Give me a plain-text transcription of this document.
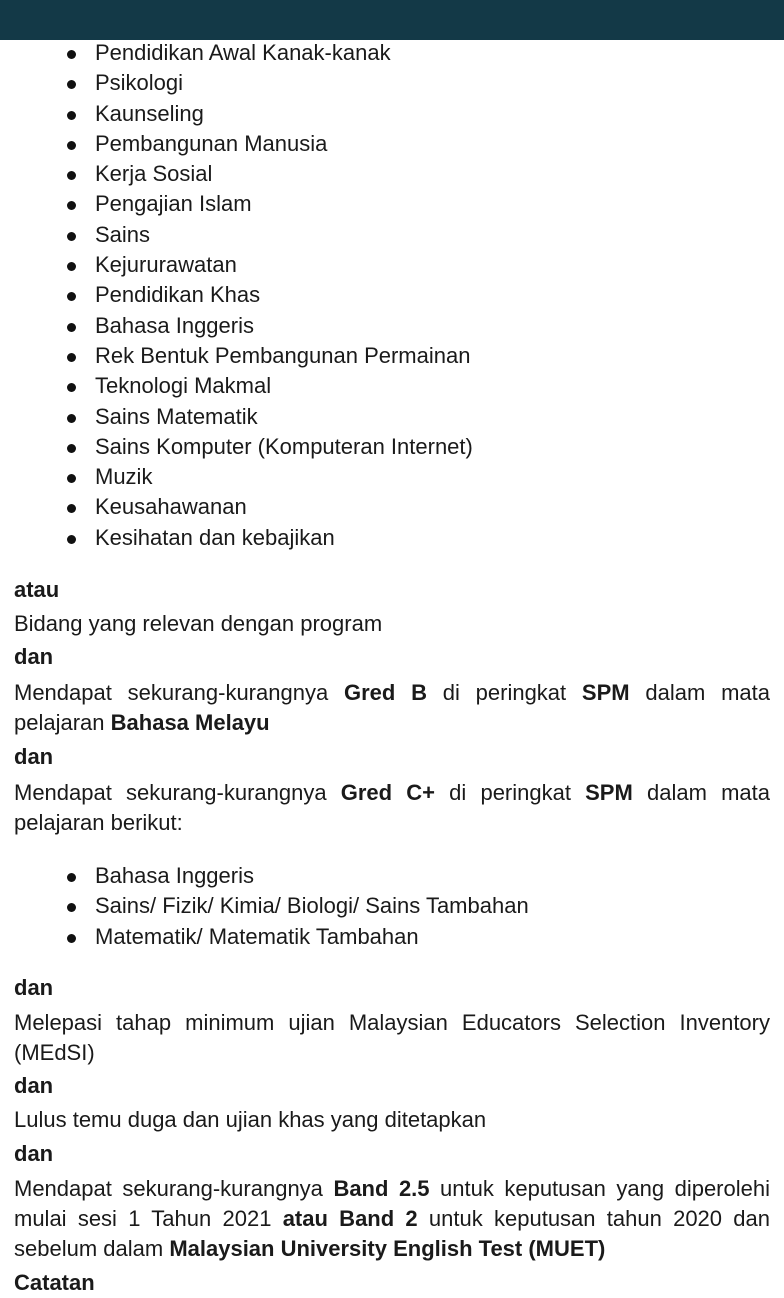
Pendidikan Awal Kanak-kanak
Psikologi
Kaunseling
Pembangunan Manusia
Kerja Sosial
Pengajian Islam
Sains
Kejururawatan
Pendidikan Khas
Bahasa Inggeris
Rek Bentuk Pembangunan Permainan
Teknologi Makmal
Sains Matematik
Sains Komputer (Komputeran Internet)
Muzik
Keusahawanan
Kesihatan dan kebajikan

atau

Bidang yang relevan dengan program

dan

Mendapat sekurang-kurangnya Gred B di peringkat SPM dalam mata pelajaran Bahasa Melayu

dan

Mendapat sekurang-kurangnya Gred C+ di peringkat SPM dalam mata pelajaran berikut:

Bahasa Inggeris
Sains/ Fizik/ Kimia/ Biologi/ Sains Tambahan
Matematik/ Matematik Tambahan

dan

Melepasi tahap minimum ujian Malaysian Educators Selection Inventory (MEdSI)

dan

Lulus temu duga dan ujian khas yang ditetapkan

dan

Mendapat sekurang-kurangnya Band 2.5 untuk keputusan yang diperolehi mulai sesi 1 Tahun 2021 atau Band 2 untuk keputusan tahun 2020 dan sebelum dalam Malaysian University English Test (MUET)

Catatan
